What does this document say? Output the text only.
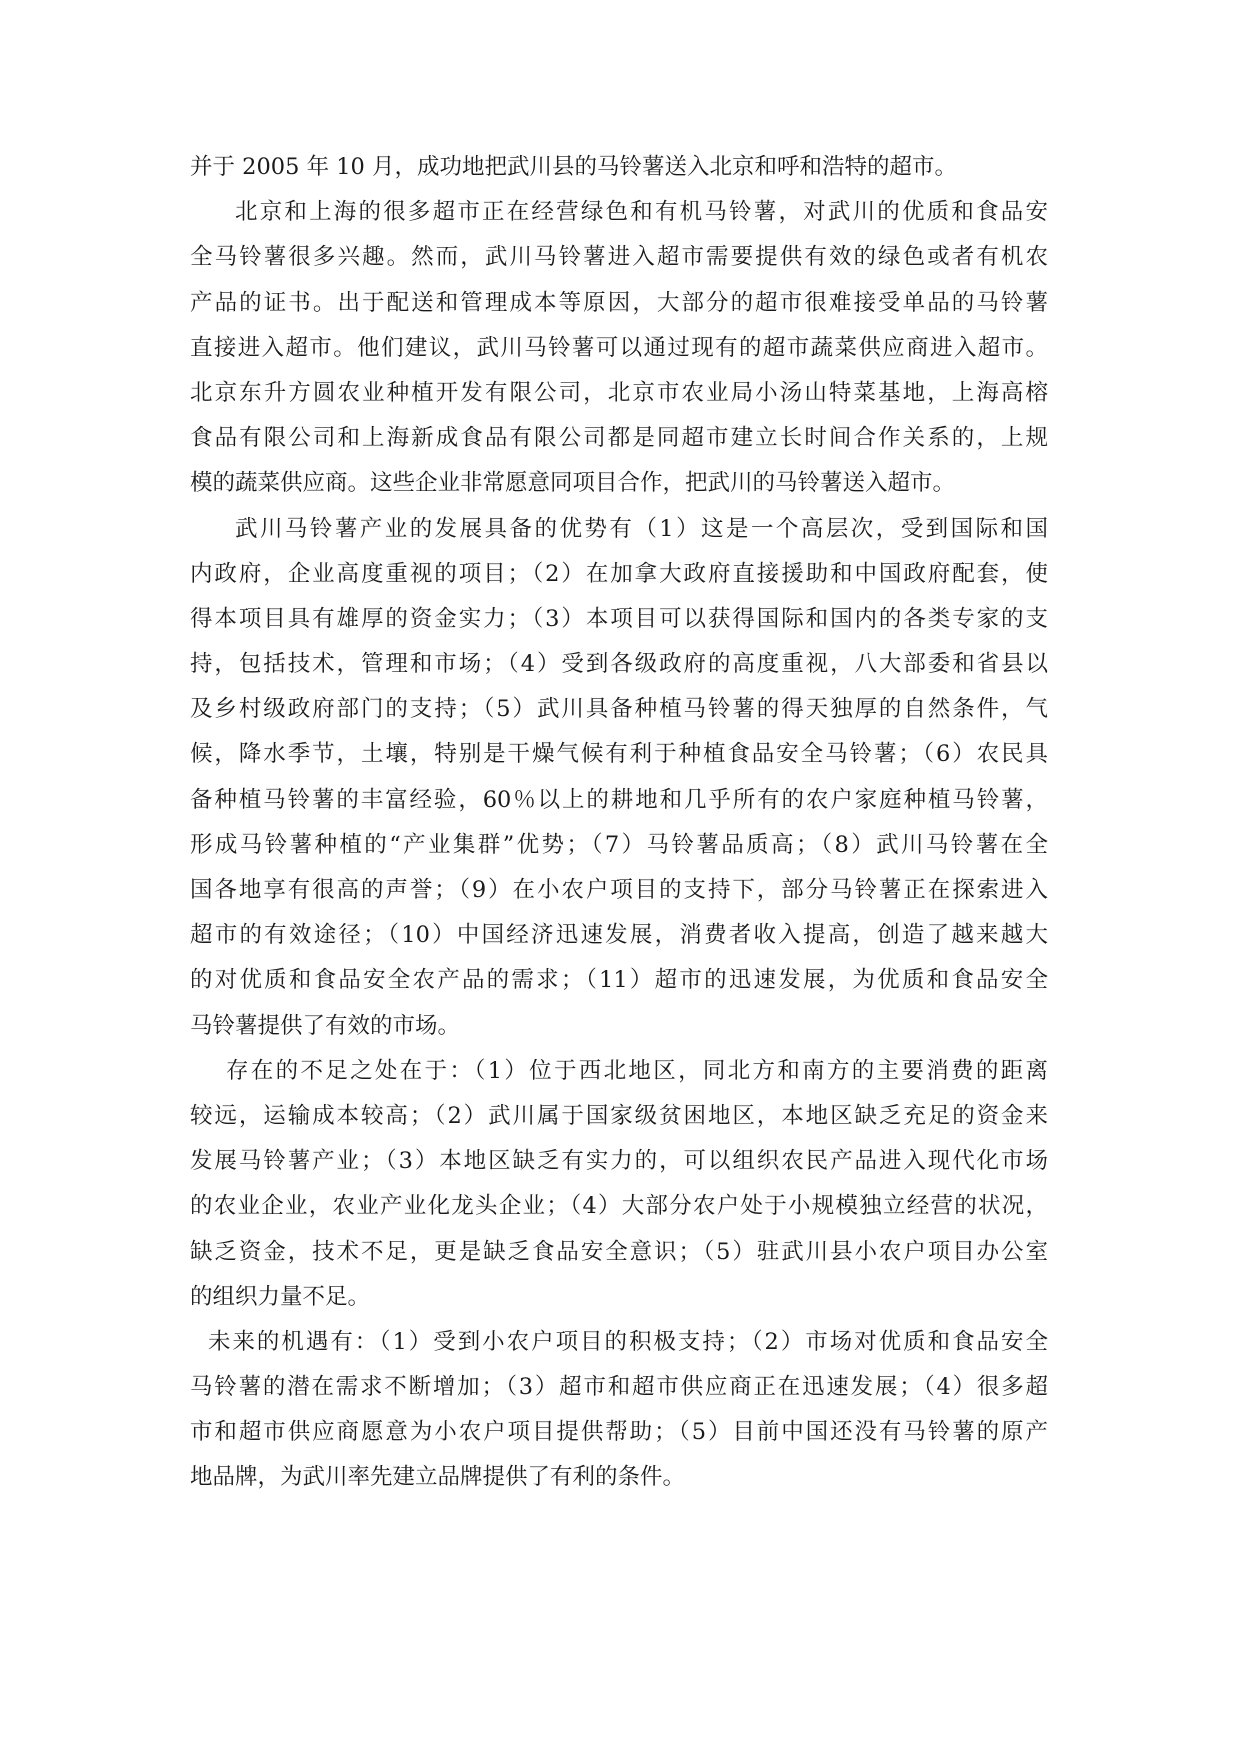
并于 2005 年 10 月，成功地把武川县的马铃薯送入北京和呼和浩特的超市。
北京和上海的很多超市正在经营绿色和有机马铃薯，对武川的优质和食品安
全马铃薯很多兴趣。然而，武川马铃薯进入超市需要提供有效的绿色或者有机农
产品的证书。出于配送和管理成本等原因，大部分的超市很难接受单品的马铃薯
直接进入超市。他们建议，武川马铃薯可以通过现有的超市蔬菜供应商进入超市。
北京东升方圆农业种植开发有限公司，北京市农业局小汤山特菜基地，上海高榕
食品有限公司和上海新成食品有限公司都是同超市建立长时间合作关系的，上规
模的蔬菜供应商。这些企业非常愿意同项目合作，把武川的马铃薯送入超市。
武川马铃薯产业的发展具备的优势有（1）这是一个高层次，受到国际和国
内政府，企业高度重视的项目；（2）在加拿大政府直接援助和中国政府配套，使
得本项目具有雄厚的资金实力；（3）本项目可以获得国际和国内的各类专家的支
持，包括技术，管理和市场；（4）受到各级政府的高度重视，八大部委和省县以
及乡村级政府部门的支持；（5）武川具备种植马铃薯的得天独厚的自然条件，气
候，降水季节，土壤，特别是干燥气候有利于种植食品安全马铃薯；（6）农民具
备种植马铃薯的丰富经验，60％以上的耕地和几乎所有的农户家庭种植马铃薯，
形成马铃薯种植的“产业集群”优势；（7）马铃薯品质高；（8）武川马铃薯在全
国各地享有很高的声誉；（9）在小农户项目的支持下，部分马铃薯正在探索进入
超市的有效途径；（10）中国经济迅速发展，消费者收入提高，创造了越来越大
的对优质和食品安全农产品的需求；（11）超市的迅速发展，为优质和食品安全
马铃薯提供了有效的市场。
存在的不足之处在于：（1）位于西北地区，同北方和南方的主要消费的距离
较远，运输成本较高；（2）武川属于国家级贫困地区，本地区缺乏充足的资金来
发展马铃薯产业；（3）本地区缺乏有实力的，可以组织农民产品进入现代化市场
的农业企业，农业产业化龙头企业；（4）大部分农户处于小规模独立经营的状况，
缺乏资金，技术不足，更是缺乏食品安全意识；（5）驻武川县小农户项目办公室
的组织力量不足。
未来的机遇有：（1）受到小农户项目的积极支持；（2）市场对优质和食品安全
马铃薯的潜在需求不断增加；（3）超市和超市供应商正在迅速发展；（4）很多超
市和超市供应商愿意为小农户项目提供帮助；（5）目前中国还没有马铃薯的原产
地品牌，为武川率先建立品牌提供了有利的条件。
